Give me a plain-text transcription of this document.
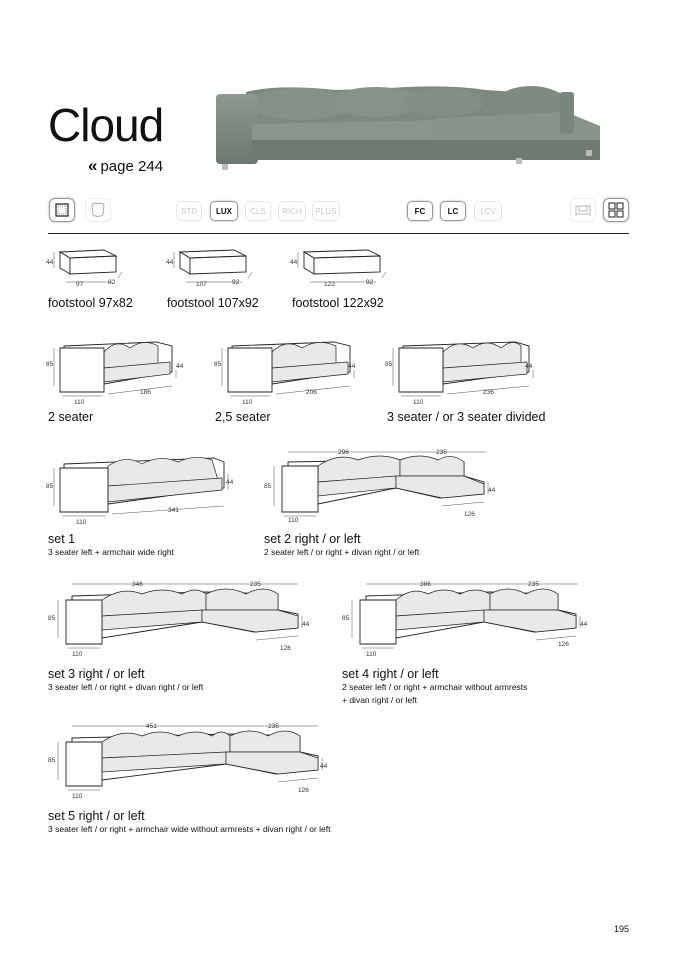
Cloud
« page 244
STD	LUX	CLS	RICH	PLUS	FC	LC	LCV
44
97	82
footstool 97x82
44
107	92
footstool 107x92
44
122	92
footstool 122x92
85
110
186
44
2 seater
85
110
206
44
2,5 seater
85
110
236
44
3 seater / or 3 seater divided
85
110
341
44
set 1
3 seater left + armchair wide right
296	235
85
110
126
44
set 2 right / or left
2 seater left / or right + divan right / or left
346	235
85
110
126
44
set 3 right / or left
3 seater left / or right + divan right / or left
386	235
85
110
126
44
set 4 right / or left
2 seater left / or right + armchair without armrests
+ divan right / or left
451	235
85
110
126
44
set 5 right / or left
3 seater left / or right + armchair wide without armrests + divan right / or left
195
